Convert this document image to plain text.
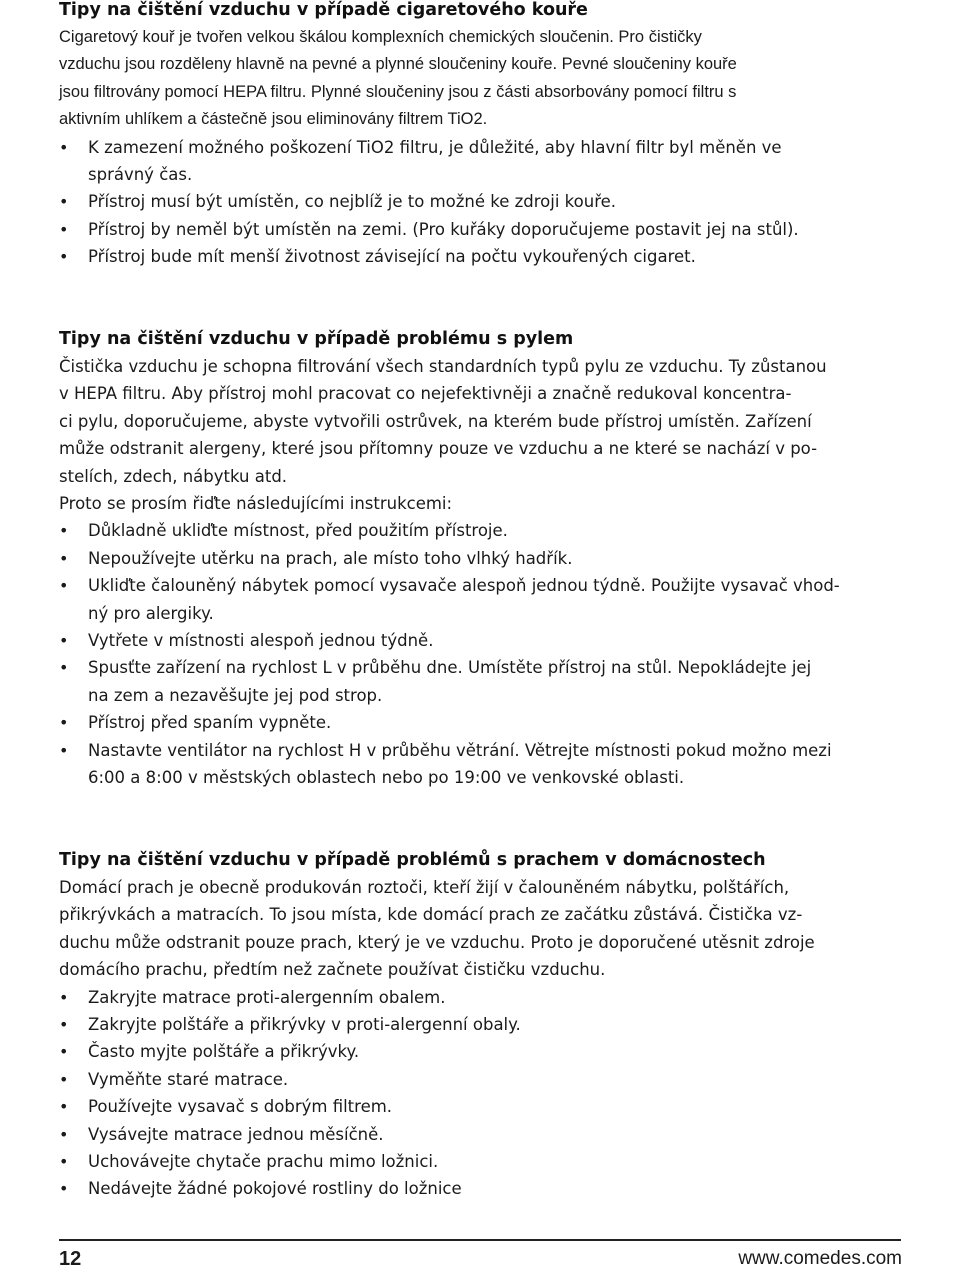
Tipy na čištění vzduchu v případě cigaretového kouře

Cigaretový kouř je tvořen velkou škálou komplexních chemických sloučenin. Pro čističky
vzduchu jsou rozděleny hlavně na pevné a plynné sloučeniny kouře. Pevné sloučeniny kouře
jsou filtrovány pomocí HEPA filtru. Plynné sloučeniny jsou z části absorbovány pomocí filtru s
aktivním uhlíkem a částečně jsou eliminovány filtrem TiO2.

• K zamezení možného poškození TiO2 filtru, je důležité, aby hlavní filtr byl měněn ve
správný čas.
• Přístroj musí být umístěn, co nejblíž je to možné ke zdroji kouře.
• Přístroj by neměl být umístěn na zemi. (Pro kuřáky doporučujeme postavit jej na stůl).
• Přístroj bude mít menší životnost závisející na počtu vykouřených cigaret.
Tipy na čištění vzduchu v případě problému s pylem

Čistička vzduchu je schopna filtrování všech standardních typů pylu ze vzduchu. Ty zůstanou
v HEPA filtru. Aby přístroj mohl pracovat co nejefektivněji a značně redukoval koncentra-
ci pylu, doporučujeme, abyste vytvořili ostrůvek, na kterém bude přístroj umístěn. Zařízení
může odstranit alergeny, které jsou přítomny pouze ve vzduchu a ne které se nachází v po-
stelích, zdech, nábytku atd.

Proto se prosím řiďte následujícími instrukcemi:

• Důkladně ukliďte místnost, před použitím přístroje.
• Nepoužívejte utěrku na prach, ale místo toho vlhký hadřík.
• Ukliďte čalouněný nábytek pomocí vysavače alespoň jednou týdně. Použijte vysavač vhod-
ný pro alergiky.
• Vytřete v místnosti alespoň jednou týdně.
• Spusťte zařízení na rychlost L v průběhu dne. Umístěte přístroj na stůl. Nepokládejte jej
na zem a nezavěšujte jej pod strop.
• Přístroj před spaním vypněte.
• Nastavte ventilátor na rychlost H v průběhu větrání. Větrejte místnosti pokud možno mezi
6:00 a 8:00 v městských oblastech nebo po 19:00 ve venkovské oblasti.
Tipy na čištění vzduchu v případě problémů s prachem v domácnostech

Domácí prach je obecně produkován roztoči, kteří žijí v čalouněném nábytku, polštářích,
přikrývkách a matracích. To jsou místa, kde domácí prach ze začátku zůstává. Čistička vz-
duchu může odstranit pouze prach, který je ve vzduchu. Proto je doporučené utěsnit zdroje
domácího prachu, předtím než začnete používat čističku vzduchu.

• Zakryjte matrace proti-alergenním obalem.
• Zakryjte polštáře a přikrývky v proti-alergenní obaly.
• Často myjte polštáře a přikrývky.
• Vyměňte staré matrace.
• Používejte vysavač s dobrým filtrem.
• Vysávejte matrace jednou měsíčně.
• Uchovávejte chytače prachu mimo ložnici.
• Nedávejte žádné pokojové rostliny do ložnice
12	www.comedes.com
